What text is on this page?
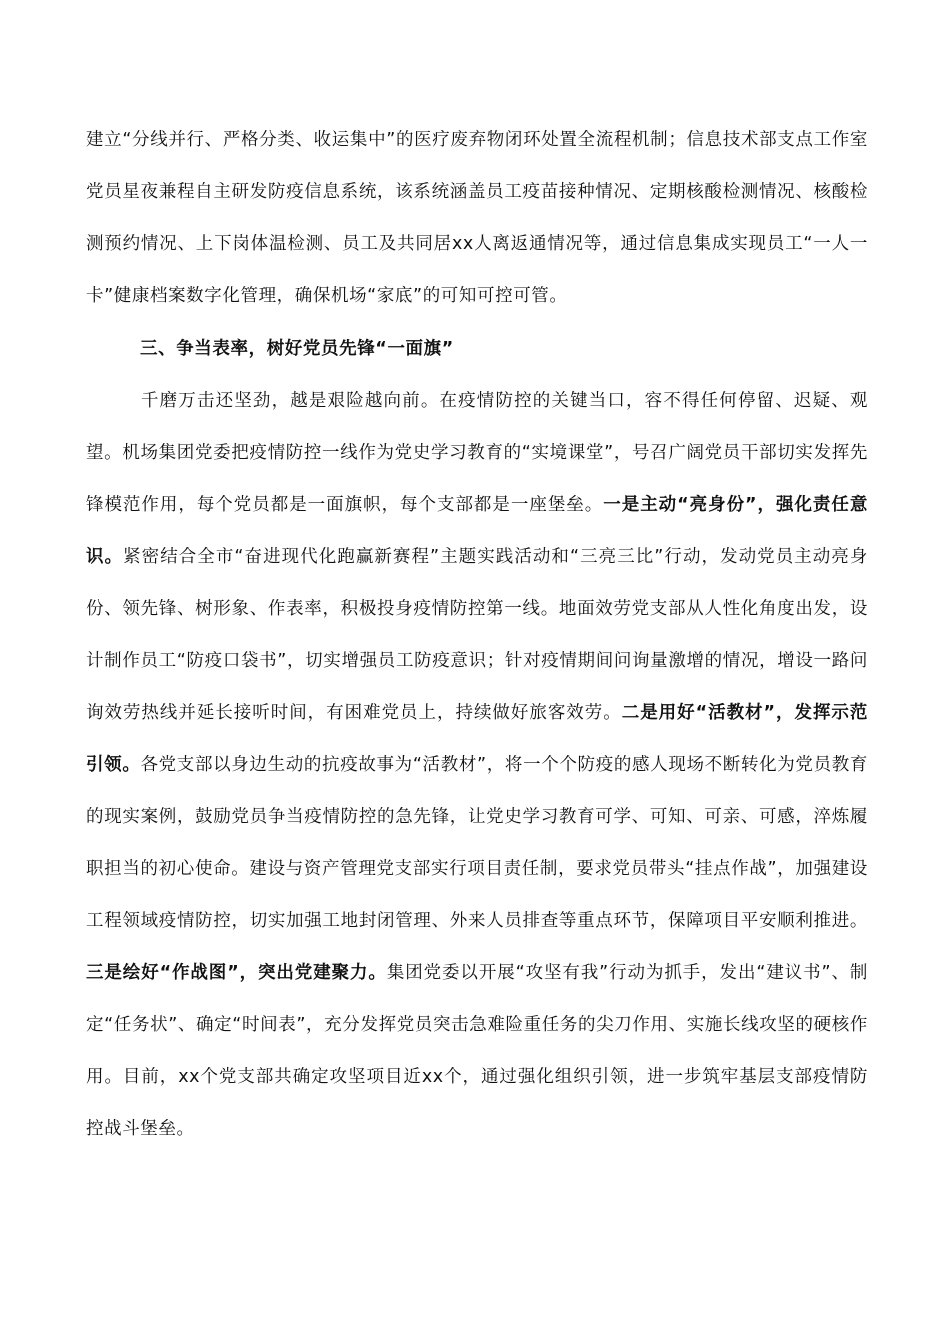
建立“分线并行、严格分类、收运集中”的医疗废弃物闭环处置全流程机制；信息技术部支点工作室党员星夜兼程自主研发防疫信息系统，该系统涵盖员工疫苗接种情况、定期核酸检测情况、核酸检测预约情况、上下岗体温检测、员工及共同居xx人离返通情况等，通过信息集成实现员工“一人一卡”健康档案数字化管理，确保机场“家底”的可知可控可管。

三、争当表率，树好党员先锋“一面旗”

千磨万击还坚劲，越是艰险越向前。在疫情防控的关键当口，容不得任何停留、迟疑、观望。机场集团党委把疫情防控一线作为党史学习教育的“实境课堂”，号召广阔党员干部切实发挥先锋模范作用，每个党员都是一面旗帜，每个支部都是一座堡垒。一是主动“亮身份”，强化责任意识。紧密结合全市“奋进现代化跑赢新赛程”主题实践活动和“三亮三比”行动，发动党员主动亮身份、领先锋、树形象、作表率，积极投身疫情防控第一线。地面效劳党支部从人性化角度出发，设计制作员工“防疫口袋书”，切实增强员工防疫意识；针对疫情期间问询量激增的情况，增设一路问询效劳热线并延长接听时间，有困难党员上，持续做好旅客效劳。二是用好“活教材”，发挥示范引领。各党支部以身边生动的抗疫故事为“活教材”，将一个个防疫的感人现场不断转化为党员教育的现实案例，鼓励党员争当疫情防控的急先锋，让党史学习教育可学、可知、可亲、可感，淬炼履职担当的初心使命。建设与资产管理党支部实行项目责任制，要求党员带头“挂点作战”，加强建设工程领域疫情防控，切实加强工地封闭管理、外来人员排查等重点环节，保障项目平安顺利推进。三是绘好“作战图”，突出党建聚力。集团党委以开展“攻坚有我”行动为抓手，发出“建议书”、制定“任务状”、确定“时间表”，充分发挥党员突击急难险重任务的尖刀作用、实施长线攻坚的硬核作用。目前，xx个党支部共确定攻坚项目近xx个，通过强化组织引领，进一步筑牢基层支部疫情防控战斗堡垒。
